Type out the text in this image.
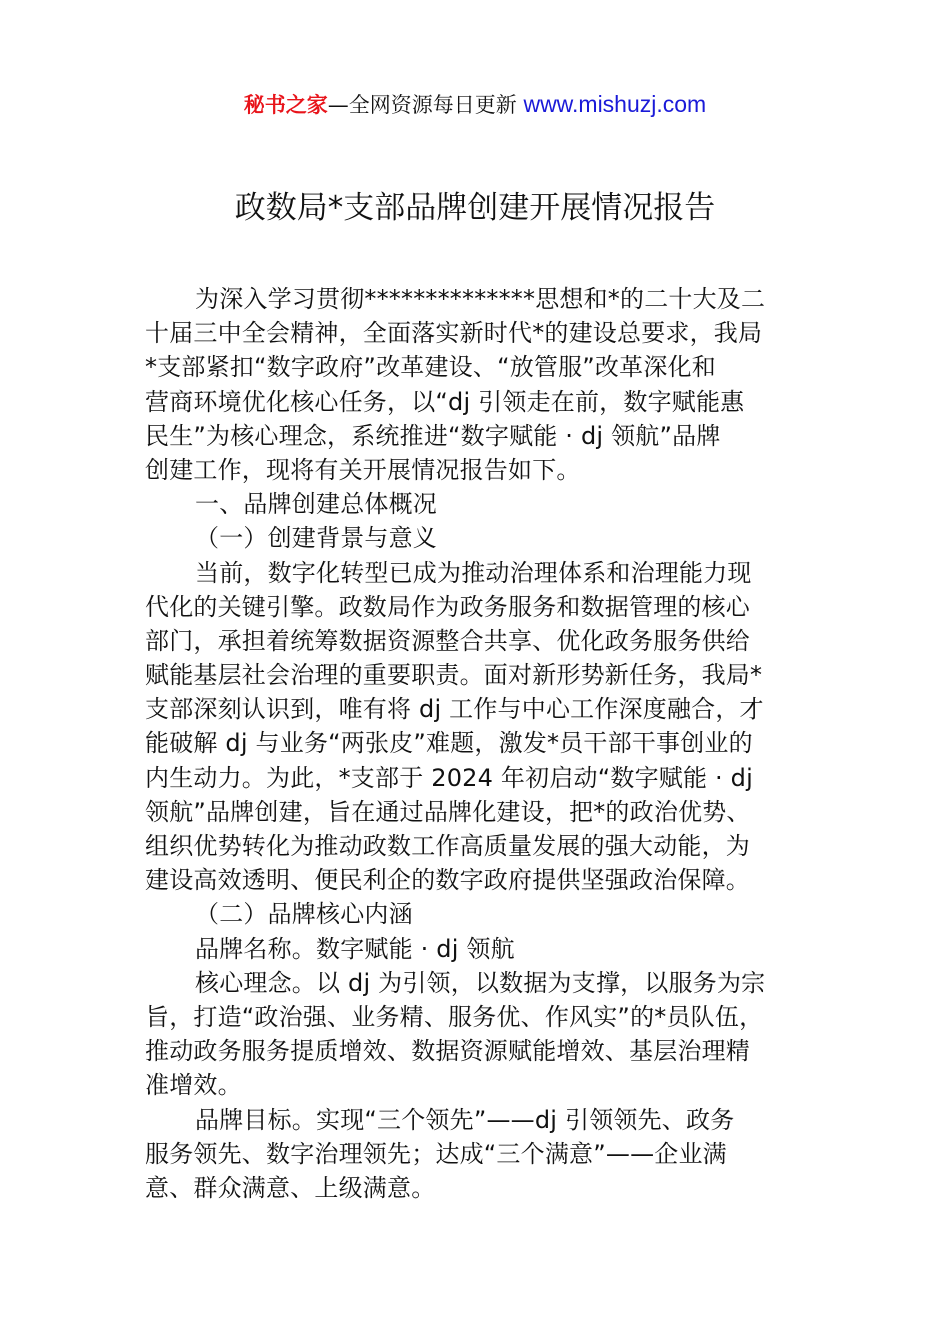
秘书之家—全网资源每日更新 www.mishuzj.com
政数局*支部品牌创建开展情况报告
为深入学习贯彻**************思想和*的二十大及二
十届三中全会精神，全面落实新时代*的建设总要求，我局
*支部紧扣“数字政府”改革建设、“放管服”改革深化和
营商环境优化核心任务，以“dj 引领走在前，数字赋能惠
民生”为核心理念，系统推进“数字赋能 · dj 领航”品牌
创建工作，现将有关开展情况报告如下。
一、品牌创建总体概况
（一）创建背景与意义
当前，数字化转型已成为推动治理体系和治理能力现
代化的关键引擎。政数局作为政务服务和数据管理的核心
部门，承担着统筹数据资源整合共享、优化政务服务供给
赋能基层社会治理的重要职责。面对新形势新任务，我局*
支部深刻认识到，唯有将 dj 工作与中心工作深度融合，才
能破解 dj 与业务“两张皮”难题，激发*员干部干事创业的
内生动力。为此，*支部于 2024 年初启动“数字赋能 · dj
领航”品牌创建，旨在通过品牌化建设，把*的政治优势、
组织优势转化为推动政数工作高质量发展的强大动能，为
建设高效透明、便民利企的数字政府提供坚强政治保障。
（二）品牌核心内涵
品牌名称。数字赋能 · dj 领航
核心理念。以 dj 为引领，以数据为支撑，以服务为宗
旨，打造“政治强、业务精、服务优、作风实”的*员队伍，
推动政务服务提质增效、数据资源赋能增效、基层治理精
准增效。
品牌目标。实现“三个领先”——dj 引领领先、政务
服务领先、数字治理领先；达成“三个满意”——企业满
意、群众满意、上级满意。
